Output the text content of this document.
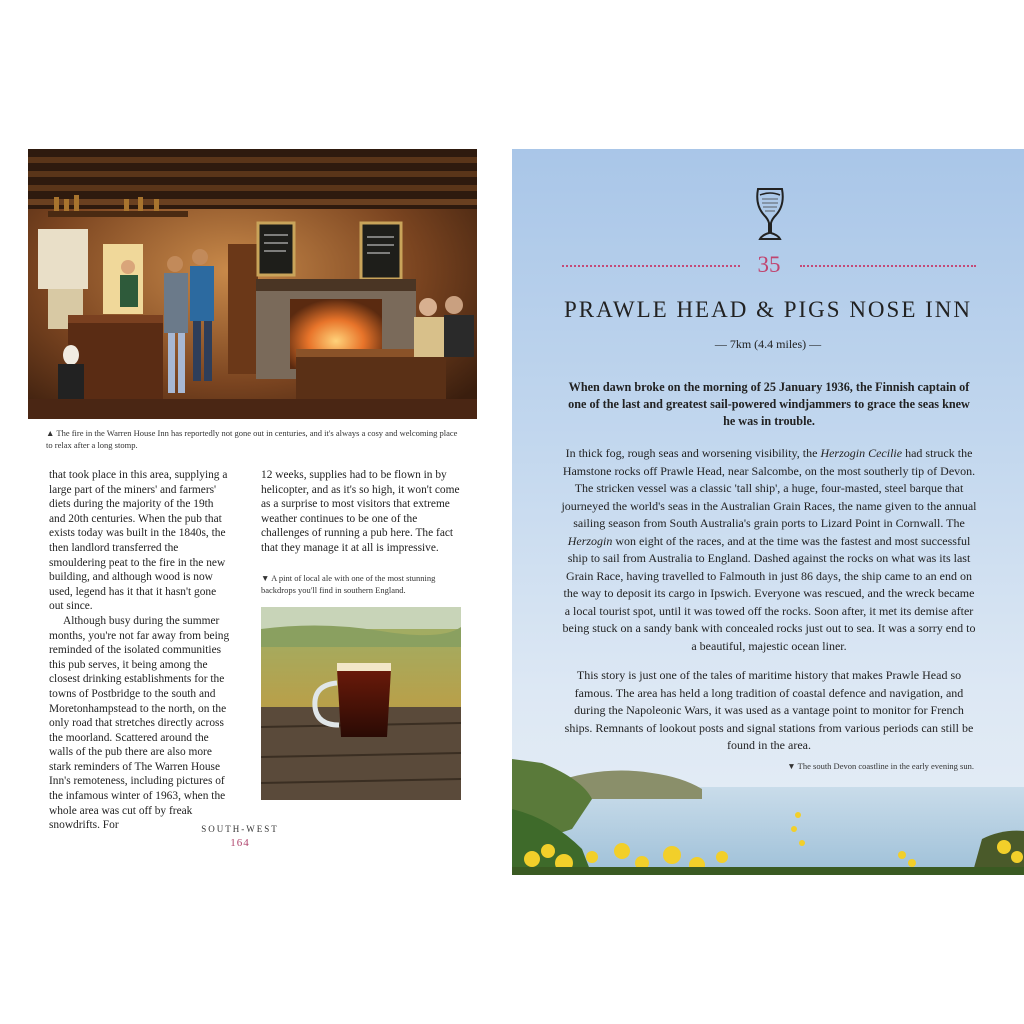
▲ The fire in the Warren House Inn has reportedly not gone out in centuries, and it's always a cosy and welcoming place to relax after a long stomp.

that took place in this area, supplying a large part of the miners' and farmers' diets during the majority of the 19th and 20th centuries. When the pub that exists today was built in the 1840s, the then landlord transferred the smouldering peat to the fire in the new building, and although wood is now used, legend has it that it hasn't gone out since.

Although busy during the summer months, you're not far away from being reminded of the isolated communities this pub serves, it being among the closest drinking establishments for the towns of Postbridge to the south and Moretonhampstead to the north, on the only road that stretches directly across the moorland. Scattered around the walls of the pub there are also more stark reminders of The Warren House Inn's remoteness, including pictures of the infamous winter of 1963, when the whole area was cut off by freak snowdrifts. For

12 weeks, supplies had to be flown in by helicopter, and as it's so high, it won't come as a surprise to most visitors that extreme weather continues to be one of the challenges of running a pub here. The fact that they manage it at all is impressive.

▼ A pint of local ale with one of the most stunning backdrops you'll find in southern England.
SOUTH-WEST
164
35
PRAWLE HEAD & PIGS NOSE INN
— 7km (4.4 miles) —
When dawn broke on the morning of 25 January 1936, the Finnish captain of one of the last and greatest sail-powered windjammers to grace the seas knew he was in trouble.

In thick fog, rough seas and worsening visibility, the Herzogin Cecilie had struck the Hamstone rocks off Prawle Head, near Salcombe, on the most southerly tip of Devon. The stricken vessel was a classic 'tall ship', a huge, four-masted, steel barque that journeyed the world's seas in the Australian Grain Races, the name given to the annual sailing season from South Australia's grain ports to Lizard Point in Cornwall. The Herzogin won eight of the races, and at the time was the fastest and most successful ship to sail from Australia to England. Dashed against the rocks on what was its last Grain Race, having travelled to Falmouth in just 86 days, the ship came to an end on the way to deposit its cargo in Ipswich. Everyone was rescued, and the wreck became a local tourist spot, until it was towed off the rocks. Soon after, it met its demise after being stuck on a sandy bank with concealed rocks just out to sea. It was a sorry end to a beautiful, majestic ocean liner.

This story is just one of the tales of maritime history that makes Prawle Head so famous. The area has held a long tradition of coastal defence and navigation, and during the Napoleonic Wars, it was used as a vantage point to monitor for French ships. Remnants of lookout posts and signal stations from various periods can still be found in the area.

▼ The south Devon coastline in the early evening sun.
